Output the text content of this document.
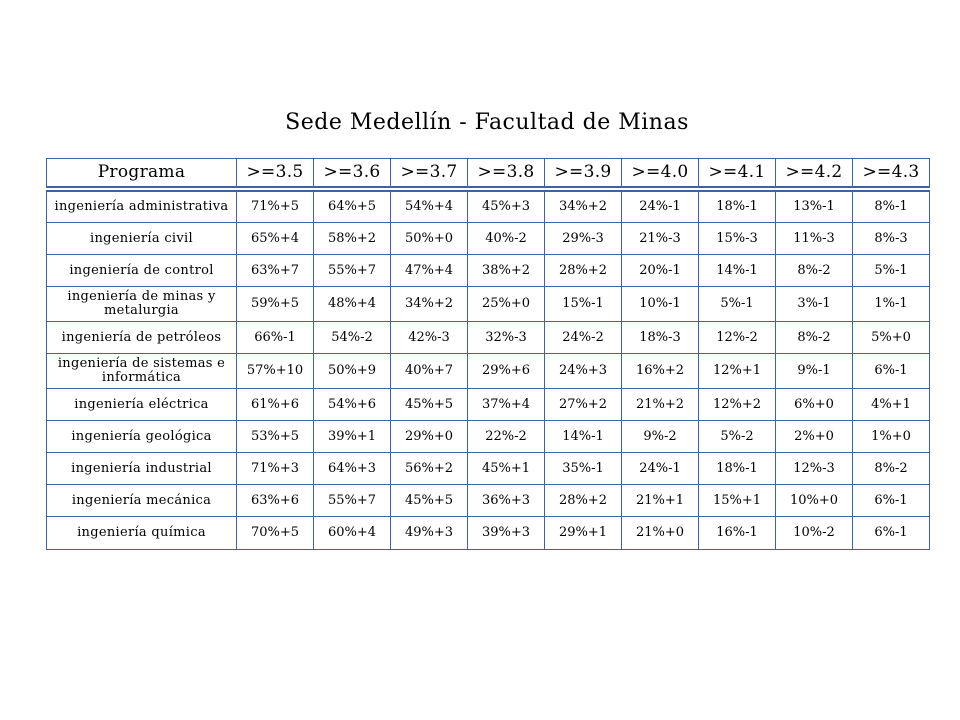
Sede Medellín - Facultad de Minas
Programa	>=3.5	>=3.6	>=3.7	>=3.8	>=3.9	>=4.0	>=4.1	>=4.2	>=4.3
ingeniería administrativa	71%+5	64%+5	54%+4	45%+3	34%+2	24%-1	18%-1	13%-1	8%-1
ingeniería civil	65%+4	58%+2	50%+0	40%-2	29%-3	21%-3	15%-3	11%-3	8%-3
ingeniería de control	63%+7	55%+7	47%+4	38%+2	28%+2	20%-1	14%-1	8%-2	5%-1
ingeniería de minas y metalurgia	59%+5	48%+4	34%+2	25%+0	15%-1	10%-1	5%-1	3%-1	1%-1
ingeniería de petróleos	66%-1	54%-2	42%-3	32%-3	24%-2	18%-3	12%-2	8%-2	5%+0
ingeniería de sistemas e informática	57%+10	50%+9	40%+7	29%+6	24%+3	16%+2	12%+1	9%-1	6%-1
ingeniería eléctrica	61%+6	54%+6	45%+5	37%+4	27%+2	21%+2	12%+2	6%+0	4%+1
ingeniería geológica	53%+5	39%+1	29%+0	22%-2	14%-1	9%-2	5%-2	2%+0	1%+0
ingeniería industrial	71%+3	64%+3	56%+2	45%+1	35%-1	24%-1	18%-1	12%-3	8%-2
ingeniería mecánica	63%+6	55%+7	45%+5	36%+3	28%+2	21%+1	15%+1	10%+0	6%-1
ingeniería química	70%+5	60%+4	49%+3	39%+3	29%+1	21%+0	16%-1	10%-2	6%-1
